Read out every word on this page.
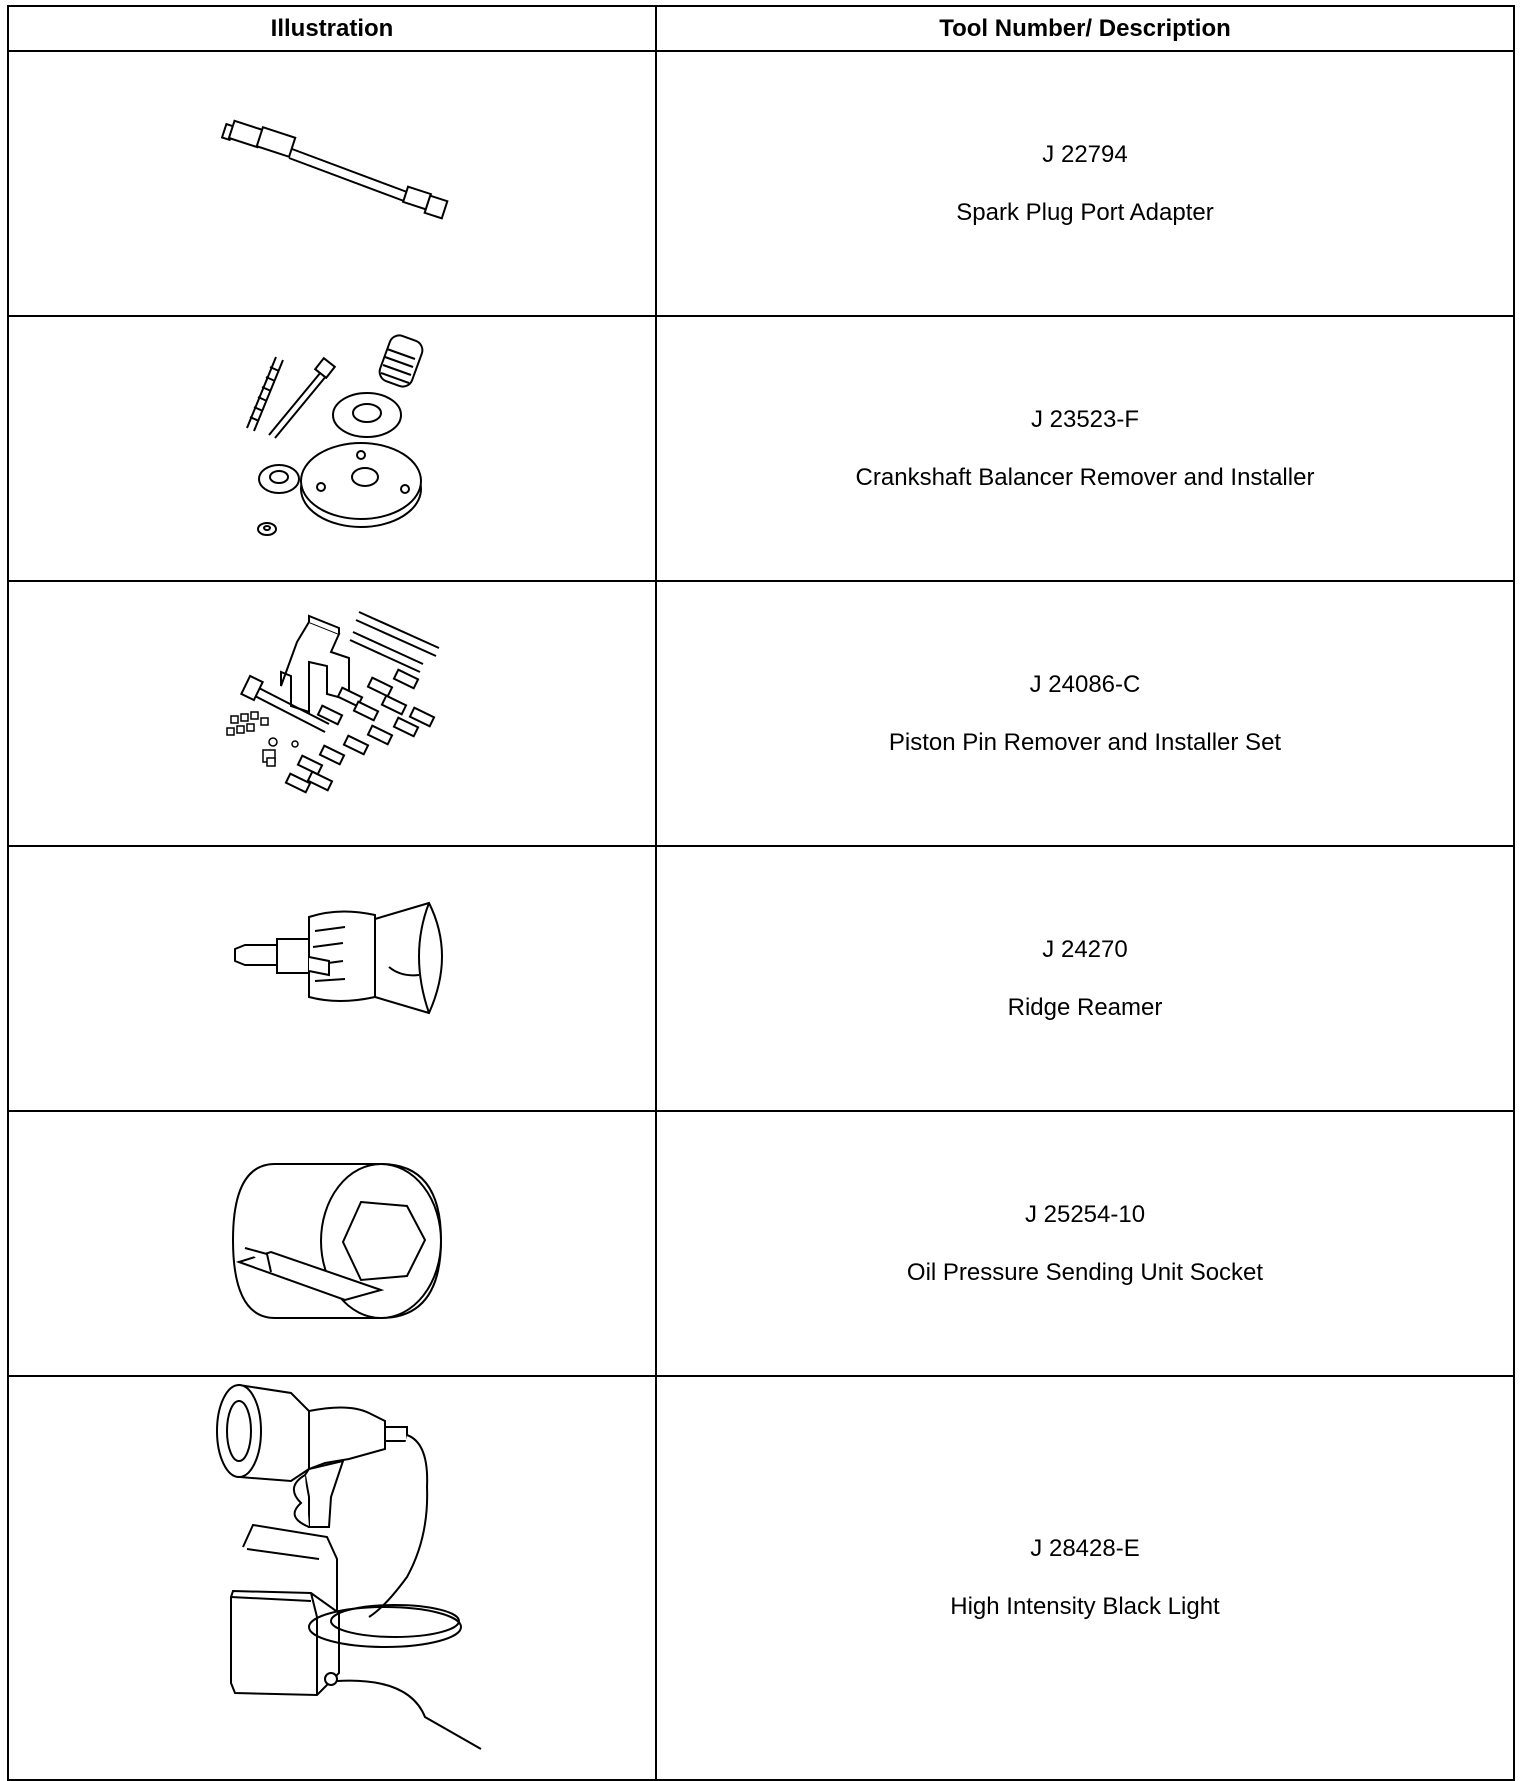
Illustration	Tool Number/ Description

J 22794
Spark Plug Port Adapter

J 23523-F
Crankshaft Balancer Remover and Installer

J 24086-C
Piston Pin Remover and Installer Set

J 24270
Ridge Reamer

J 25254-10
Oil Pressure Sending Unit Socket

J 28428-E
High Intensity Black Light
